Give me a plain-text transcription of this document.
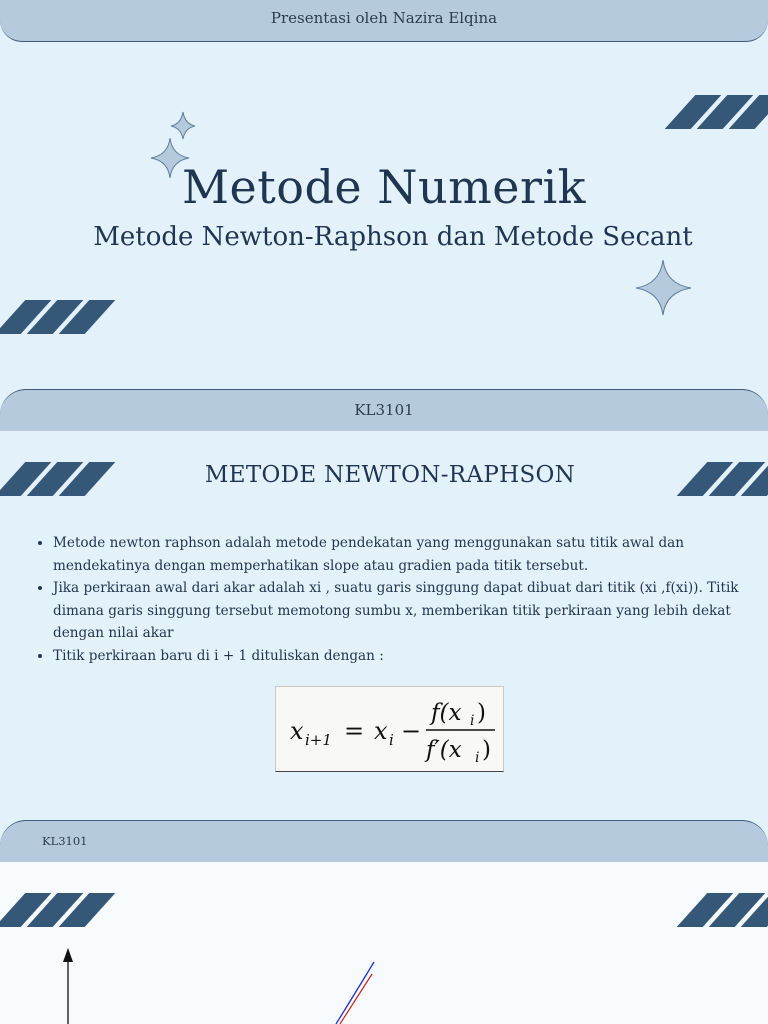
Presentasi oleh Nazira Elqina
Metode Numerik
Metode Newton-Raphson dan Metode Secant
KL3101
METODE NEWTON-RAPHSON
• Metode newton raphson adalah metode pendekatan yang menggunakan satu titik awal dan mendekatinya dengan memperhatikan slope atau gradien pada titik tersebut.
• Jika perkiraan awal dari akar adalah xi , suatu garis singgung dapat dibuat dari titik (xi ,f(xi)). Titik dimana garis singgung tersebut memotong sumbu x, memberikan titik perkiraan yang lebih dekat dengan nilai akar
• Titik perkiraan baru di i + 1 dituliskan dengan :
x i+1 = x i −
f(x i )
f′(x i )
KL3101
